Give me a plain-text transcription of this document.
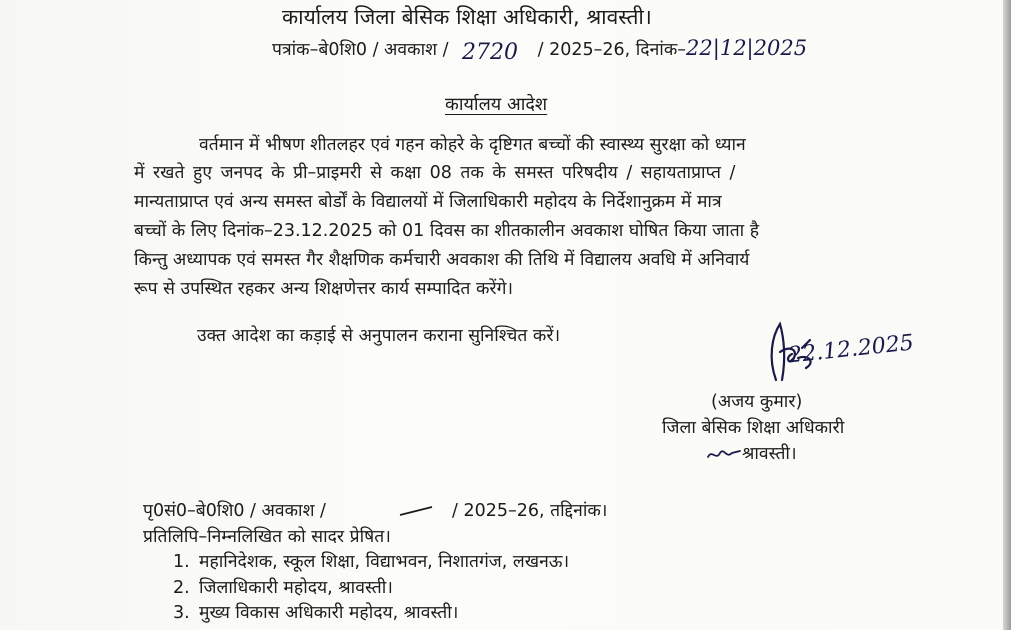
कार्यालय जिला बेसिक शिक्षा अधिकारी, श्रावस्ती।
पत्रांक–बे0शि0 / अवकाश / 2720 / 2025–26, दिनांक–22|12|2025
कार्यालय आदेश
वर्तमान में भीषण शीतलहर एवं गहन कोहरे के दृष्टिगत बच्चों की स्वास्थ्य सुरक्षा को ध्यान
में रखते हुए जनपद के प्री–प्राइमरी से कक्षा 08 तक के समस्त परिषदीय / सहायताप्राप्त /
मान्यताप्राप्त एवं अन्य समस्त बोर्डों के विद्यालयों में जिलाधिकारी महोदय के निर्देशानुक्रम में मात्र
बच्चों के लिए दिनांक–23.12.2025 को 01 दिवस का शीतकालीन अवकाश घोषित किया जाता है
किन्तु अध्यापक एवं समस्त गैर शैक्षणिक कर्मचारी अवकाश की तिथि में विद्यालय अवधि में अनिवार्य
रूप से उपस्थित रहकर अन्य शिक्षणेत्तर कार्य सम्पादित करेंगे।
उक्त आदेश का कड़ाई से अनुपालन कराना सुनिश्चित करें।	22.12.2025
(अजय कुमार)
जिला बेसिक शिक्षा अधिकारी
श्रावस्ती।
पृ0सं0–बे0शि0 / अवकाश /	/ 2025–26, तद्दिनांक।
प्रतिलिपि–निम्नलिखित को सादर प्रेषित।
1. महानिदेशक, स्कूल शिक्षा, विद्याभवन, निशातगंज, लखनऊ।
2. जिलाधिकारी महोदय, श्रावस्ती।
3. मुख्य विकास अधिकारी महोदय, श्रावस्ती।
